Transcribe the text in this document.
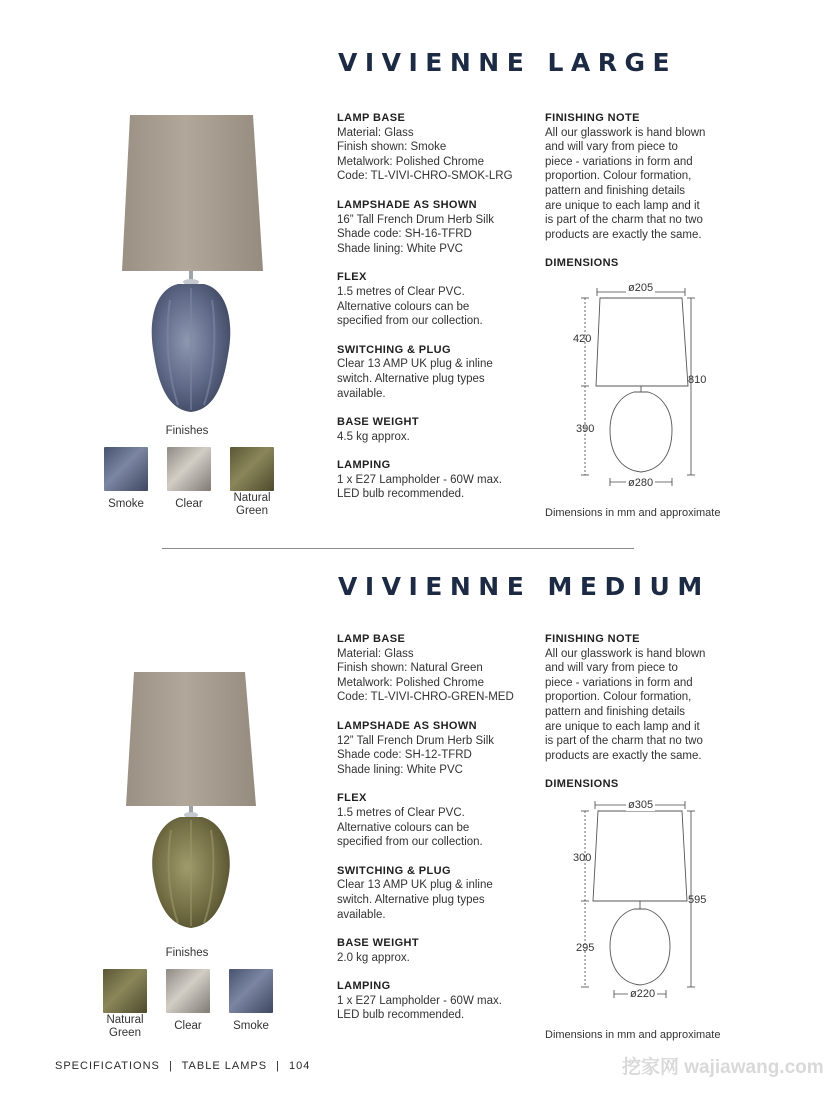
VIVIENNE LARGE
Finishes
Smoke	Clear	Natural
Green
LAMP BASE
Material: Glass
Finish shown: Smoke
Metalwork: Polished Chrome
Code: TL-VIVI-CHRO-SMOK-LRG
LAMPSHADE AS SHOWN
16” Tall French Drum Herb Silk
Shade code: SH-16-TFRD
Shade lining: White PVC
FLEX
1.5 metres of Clear PVC.
Alternative colours can be
specified from our collection.
SWITCHING & PLUG
Clear 13 AMP UK plug & inline
switch. Alternative plug types
available.
BASE WEIGHT
4.5 kg approx.
LAMPING
1 x E27 Lampholder - 60W max.
LED bulb recommended.
FINISHING NOTE
All our glasswork is hand blown
and will vary from piece to
piece - variations in form and
proportion. Colour formation,
pattern and finishing details
are unique to each lamp and it
is part of the charm that no two
products are exactly the same.
DIMENSIONS
ø205
420
390
810
ø280
Dimensions in mm and approximate
VIVIENNE MEDIUM
Finishes
Natural
Green
Clear	Smoke
LAMP BASE
Material: Glass
Finish shown: Natural Green
Metalwork: Polished Chrome
Code: TL-VIVI-CHRO-GREN-MED
LAMPSHADE AS SHOWN
12” Tall French Drum Herb Silk
Shade code: SH-12-TFRD
Shade lining: White PVC
FLEX
1.5 metres of Clear PVC.
Alternative colours can be
specified from our collection.
SWITCHING & PLUG
Clear 13 AMP UK plug & inline
switch. Alternative plug types
available.
BASE WEIGHT
2.0 kg approx.
LAMPING
1 x E27 Lampholder - 60W max.
LED bulb recommended.
FINISHING NOTE
All our glasswork is hand blown
and will vary from piece to
piece - variations in form and
proportion. Colour formation,
pattern and finishing details
are unique to each lamp and it
is part of the charm that no two
products are exactly the same.
DIMENSIONS
ø305
300
295
595
ø220
Dimensions in mm and approximate
SPECIFICATIONS | TABLE LAMPS | 104	挖家网 wajiawang.com
